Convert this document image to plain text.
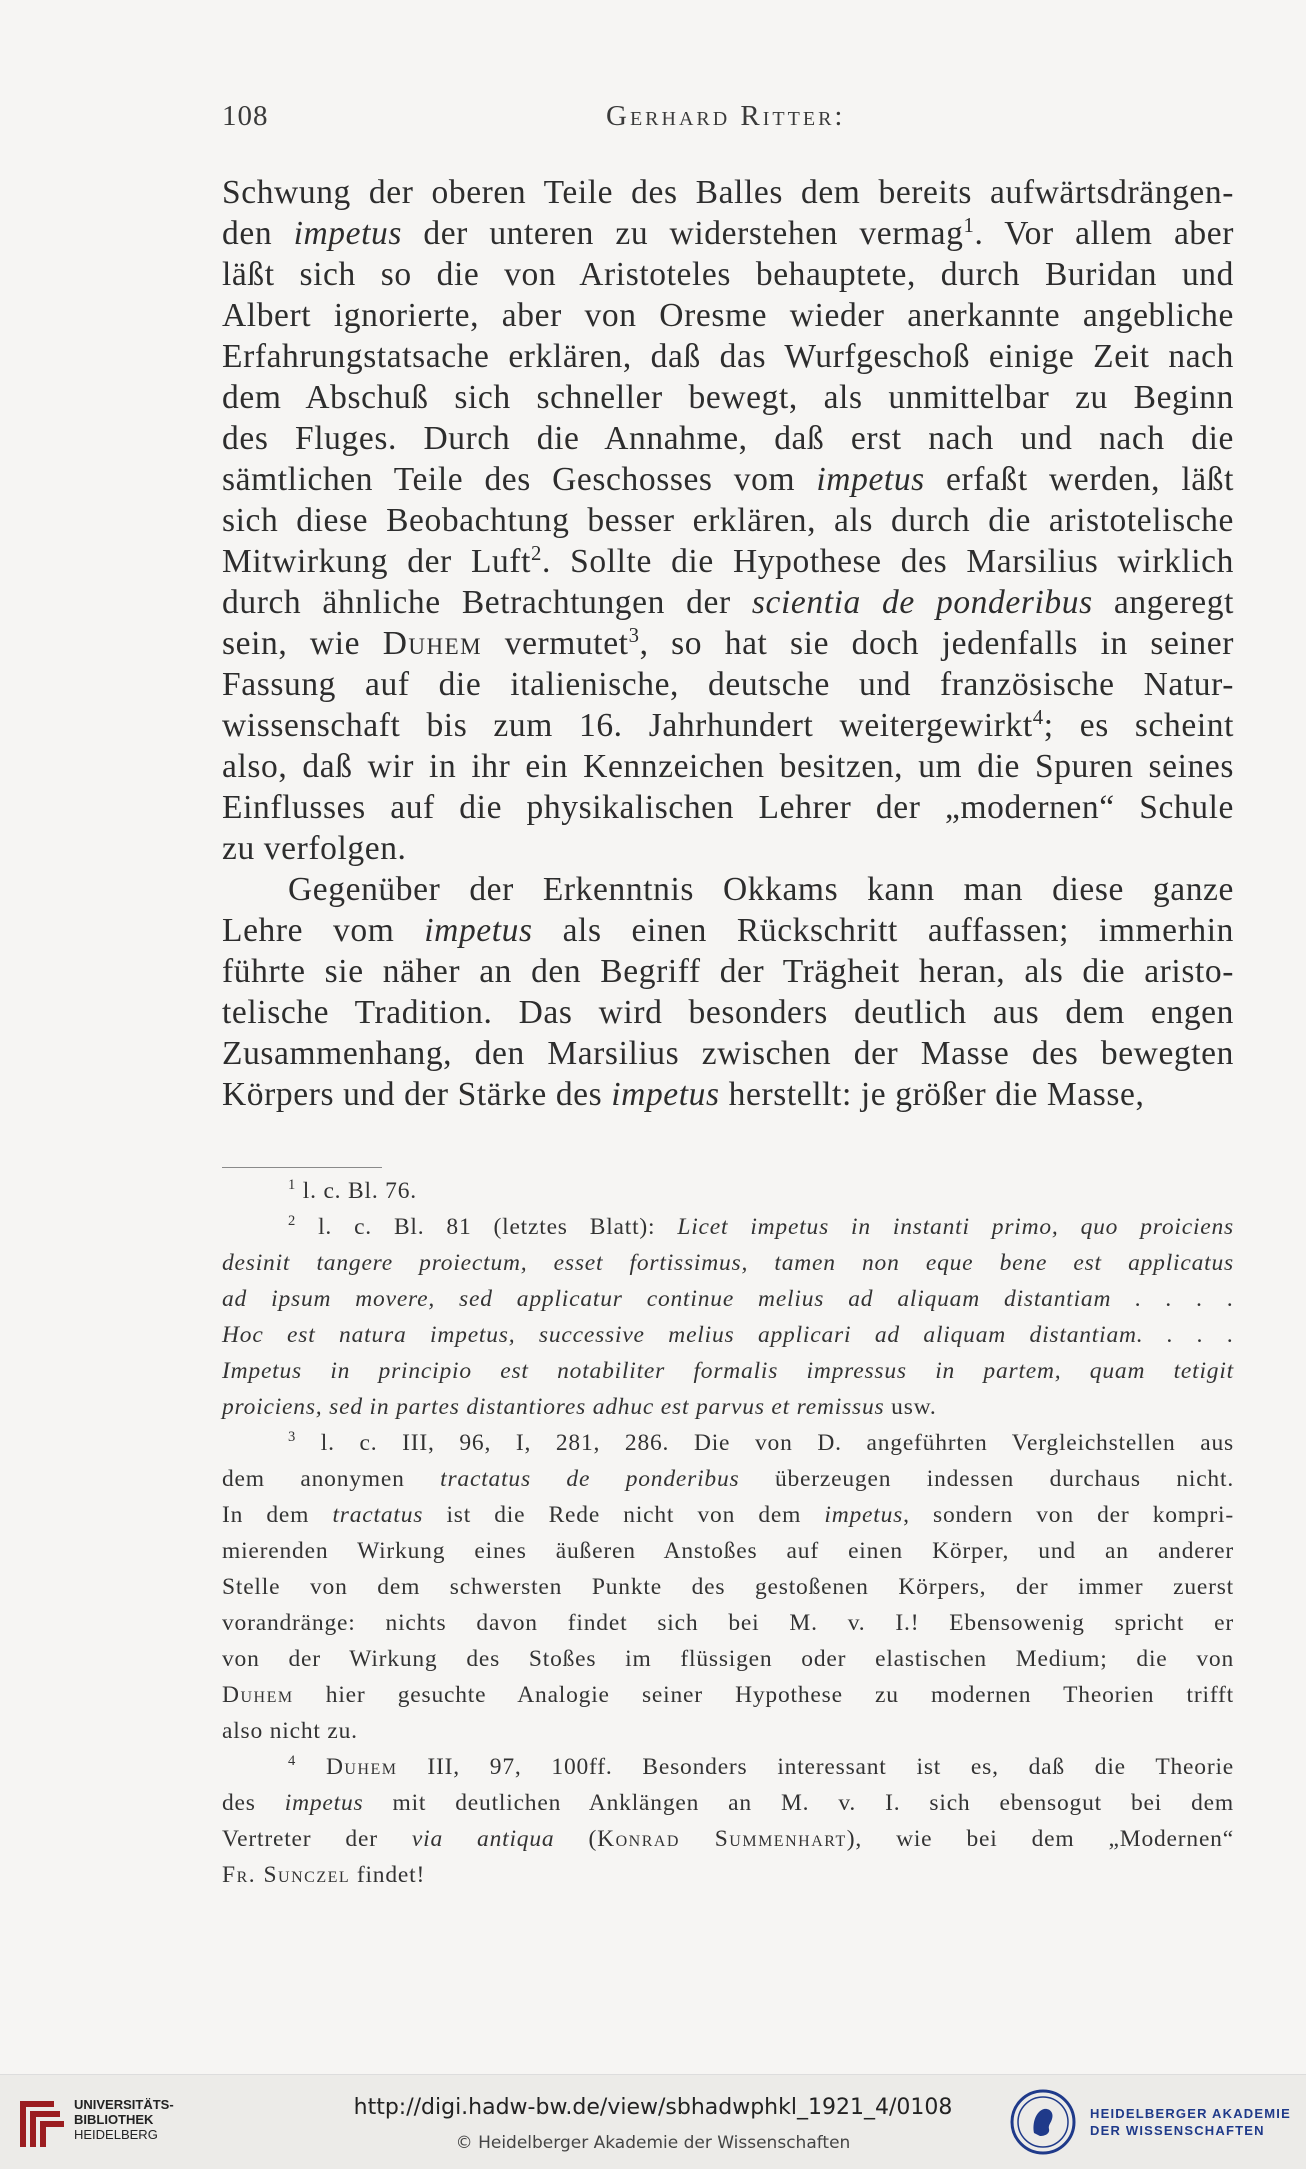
108	Gerhard Ritter:
Schwung der oberen Teile des Balles dem bereits aufwärtsdrängen-
den impetus der unteren zu widerstehen vermag$^1$. Vor allem aber
läßt sich so die von Aristoteles behauptete, durch Buridan und
Albert ignorierte, aber von Oresme wieder anerkannte angebliche
Erfahrungstatsache erklären, daß das Wurfgeschoß einige Zeit nach
dem Abschuß sich schneller bewegt, als unmittelbar zu Beginn
des Fluges. Durch die Annahme, daß erst nach und nach die
sämtlichen Teile des Geschosses vom impetus erfaßt werden, läßt
sich diese Beobachtung besser erklären, als durch die aristotelische
Mitwirkung der Luft$^2$. Sollte die Hypothese des Marsilius wirklich
durch ähnliche Betrachtungen der scientia de ponderibus angeregt
sein, wie Duhem vermutet$^3$, so hat sie doch jedenfalls in seiner
Fassung auf die italienische, deutsche und französische Natur-
wissenschaft bis zum 16. Jahrhundert weitergewirkt$^4$; es scheint
also, daß wir in ihr ein Kennzeichen besitzen, um die Spuren seines
Einflusses auf die physikalischen Lehrer der „modernen“ Schule
zu verfolgen.
Gegenüber der Erkenntnis Okkams kann man diese ganze
Lehre vom impetus als einen Rückschritt auffassen; immerhin
führte sie näher an den Begriff der Trägheit heran, als die aristo-
telische Tradition. Das wird besonders deutlich aus dem engen
Zusammenhang, den Marsilius zwischen der Masse des bewegten
Körpers und der Stärke des impetus herstellt: je größer die Masse,
$^1$ l. c. Bl. 76.
$^2$ l. c. Bl. 81 (letztes Blatt): Licet impetus in instanti primo, quo proiciens
desinit tangere proiectum, esset fortissimus, tamen non eque bene est applicatus
ad ipsum movere, sed applicatur continue melius ad aliquam distantiam . . . .
Hoc est natura impetus, successive melius applicari ad aliquam distantiam. . . .
Impetus in principio est notabiliter formalis impressus in partem, quam tetigit
proiciens, sed in partes distantiores adhuc est parvus et remissus usw.
$^3$ l. c. III, 96, I, 281, 286. Die von D. angeführten Vergleichstellen aus
dem anonymen tractatus de ponderibus überzeugen indessen durchaus nicht.
In dem tractatus ist die Rede nicht von dem impetus, sondern von der kompri-
mierenden Wirkung eines äußeren Anstoßes auf einen Körper, und an anderer
Stelle von dem schwersten Punkte des gestoßenen Körpers, der immer zuerst
vorandränge: nichts davon findet sich bei M. v. I.! Ebensowenig spricht er
von der Wirkung des Stoßes im flüssigen oder elastischen Medium; die von
Duhem hier gesuchte Analogie seiner Hypothese zu modernen Theorien trifft
also nicht zu.
$^4$ Duhem III, 97, 100ff. Besonders interessant ist es, daß die Theorie
des impetus mit deutlichen Anklängen an M. v. I. sich ebensogut bei dem
Vertreter der via antiqua (Konrad Summenhart), wie bei dem „Modernen“
Fr. Sunczel findet!
UNIVERSITÄTS-
BIBLIOTHEK
HEIDELBERG
http://digi.hadw-bw.de/view/sbhadwphkl_1921_4/0108
© Heidelberger Akademie der Wissenschaften
HEIDELBERGER AKADEMIE
DER WISSENSCHAFTEN
